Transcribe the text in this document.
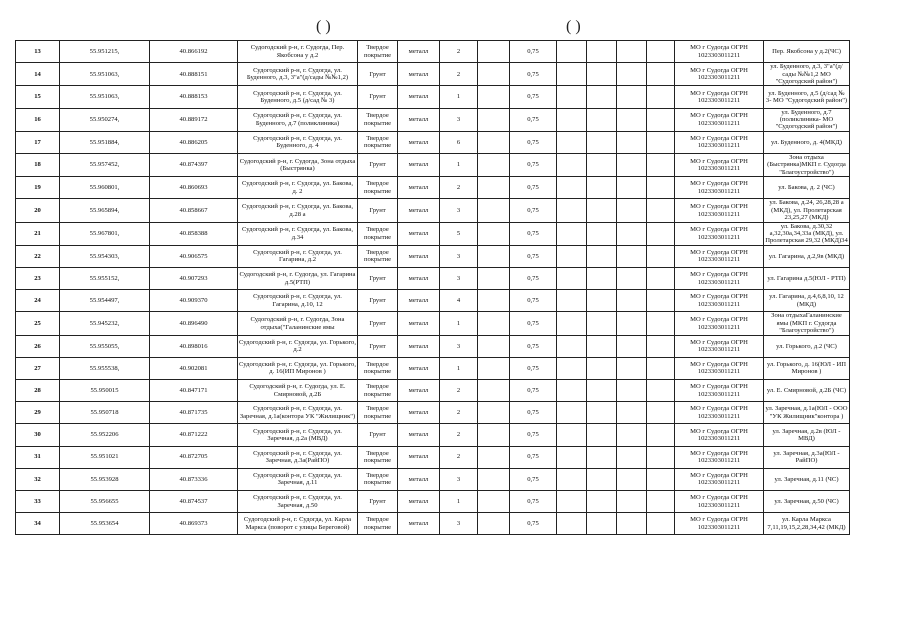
( )	( )
13	55.951215,	40.866192	Судогодский р-н, г. Судогда, Пер. Якобсона у д.2	Твердое покрытие	металл	2		0,75					МО г Судогда ОГРН 1023303011211	Пер. Якобсона у д.2(ЧС)
14	55.951063,	40.888151	Судогодский р-н, г. Судогда, ул. Буденного, д.3, 3"а"(д/сады №№1,2)	Грунт	металл	2		0,75					МО г Судогда ОГРН 1023303011211	ул. Буденного, д.3, 3"а"(д/сады №№1,2 МО "Судогодский район")
15	55.951063,	40.888153	Судогодский р-н, г. Судогда, ул. Буденного, д.5 (д/сад № 3)	Грунт	металл	1		0,75					МО г Судогда ОГРН 1023303011211	ул. Буденного, д.5 (д/сад № 3- МО "Судогодский район")
16	55.950274,	40.889172	Судогодский р-н, г. Судогда, ул. Буденного, д.7 (поликлиника)	Твердое покрытие	металл	3		0,75					МО г Судогда ОГРН 1023303011211	ул. Буденного, д.7 (поликлиника- МО "Судогодский район")
17	55.951884,	40.886205	Судогодский р-н, г. Судогда, ул. Буденного, д. 4	Твердое покрытие	металл	6		0,75					МО г Судогда ОГРН 1023303011211	ул. Буденного, д. 4(МКД)
18	55.957452,	40.874397	Судогодский р-н, г. Судогда, Зона отдыха (Быстрянка)	Грунт	металл	1		0,75					МО г Судогда ОГРН 1023303011211	Зона отдыха (Быстрянка)МКП г. Судогда "Благоустройство")
19	55.960801,	40.860693	Судогодский р-н, г. Судогда, ул. Бакова, д. 2	Твердое покрытие	металл	2		0,75					МО г Судогда ОГРН 1023303011211	ул. Бакова, д. 2 (ЧС)
20	55.965894,	40.858667	Судогодский р-н, г. Судогда, ул. Бакова, д.28 а	Грунт	металл	3		0,75					МО г Судогда ОГРН 1023303011211	ул. Бакова, д.24, 26,28,28 а (МКД), ул. Пролетарская 23,25,27 (МКД)
21	55.967801,	40.858388	Судогодский р-н, г. Судогда, ул. Бакова, д.34	Твердое покрытие	металл	5		0,75					МО г Судогда ОГРН 1023303011211	ул. Бакова, д.30,32 а,32,30а,34,33а (МКД), ул. Пролетарская 29,32 (МКД)34
22	55.954303,	40.906575	Судогодский р-н, г. Судогда, ул. Гагарина, д.2	Твердое покрытие	металл	3		0,75					МО г Судогда ОГРН 1023303011211	ул. Гагарина, д.2,9в (МКД)
23	55.955152,	40.907293	Судогодский р-н, г. Судогда, ул. Гагарина д.5(РТП)	Грунт	металл	3		0,75					МО г Судогда ОГРН 1023303011211	ул. Гагарина д.5(ЮЛ - РТП)
24	55.954497,	40.909370	Судогодский р-н, г. Судогда, ул. Гагарина, д.10, 12	Грунт	металл	4		0,75					МО г Судогда ОГРН 1023303011211	ул. Гагарина, д.4,6,8,10, 12 (МКД)
25	55.945232,	40.896490	Судогодский р-н, г. Судогда, Зона отдыха("Галанинские ямы	Грунт	металл	1		0,75					МО г Судогда ОГРН 1023303011211	Зона отдыхаГаланинские ямы (МКП г. Судогда "Благоустройство")
26	55.955055,	40.898016	Судогодский р-н, г. Судогда, ул. Горького, д.2	Грунт	металл	3		0,75					МО г Судогда ОГРН 1023303011211	ул. Горького, д.2 (ЧС)
27	55.955538,	40.902081	Судогодский р-н, г. Судогда, ул. Горького, д. 16(ИП Миронов )	Твердое покрытие	металл	1		0,75					МО г Судогда ОГРН 1023303011211	ул. Горького, д. 16(ЮЛ - ИП Миронов )
28	55.950015	40.847171	Судогодский р-н, г. Судогда, ул. Е. Смирновой, д.2Б	Твердое покрытие	металл	2		0,75					МО г Судогда ОГРН 1023303011211	ул. Е. Смирновой, д.2Б (ЧС)
29	55.950718	40.871735	Судогодский р-н, г. Судогда, ул. Заречная, д.1а(контора УК "Жилищник")	Твердое покрытие	металл	2		0,75					МО г Судогда ОГРН 1023303011211	ул. Заречная, д.1а(ЮЛ - ООО "УК Жилищник"контора )
30	55.952206	40.871222	Судогодский р-н, г. Судогда, ул. Заречная, д.2а (МВД)	Грунт	металл	2		0,75					МО г Судогда ОГРН 1023303011211	ул. Заречная, д.2в (ЮЛ - МВД)
31	55.951021	40.872705	Судогодский р-н, г. Судогда, ул. Заречная, д.3а(РайПО)	Твердое покрытие	металл	2		0,75					МО г Судогда ОГРН 1023303011211	ул. Заречная, д.3а(ЮЛ - РайПО)
32	55.953928	40.873336	Судогодский р-н, г. Судогда, ул. Заречная, д.11	Твердое покрытие	металл	3		0,75					МО г Судогда ОГРН 1023303011211	ул. Заречная, д.11 (ЧС)
33	55.956655	40.874537	Судогодский р-н, г. Судогда, ул. Заречная, д.50	Грунт	металл	1		0,75					МО г Судогда ОГРН 1023303011211	ул. Заречная, д.50 (ЧС)
34	55.953654	40.869373	Судогодский р-н, г. Судогда, ул. Карла Маркса (поворот с улицы Береговой)	Твердое покрытие	металл	3		0,75					МО г Судогда ОГРН 1023303011211	ул. Карла Маркса 7,11,19,15,2,28,34,42 (МКД)
